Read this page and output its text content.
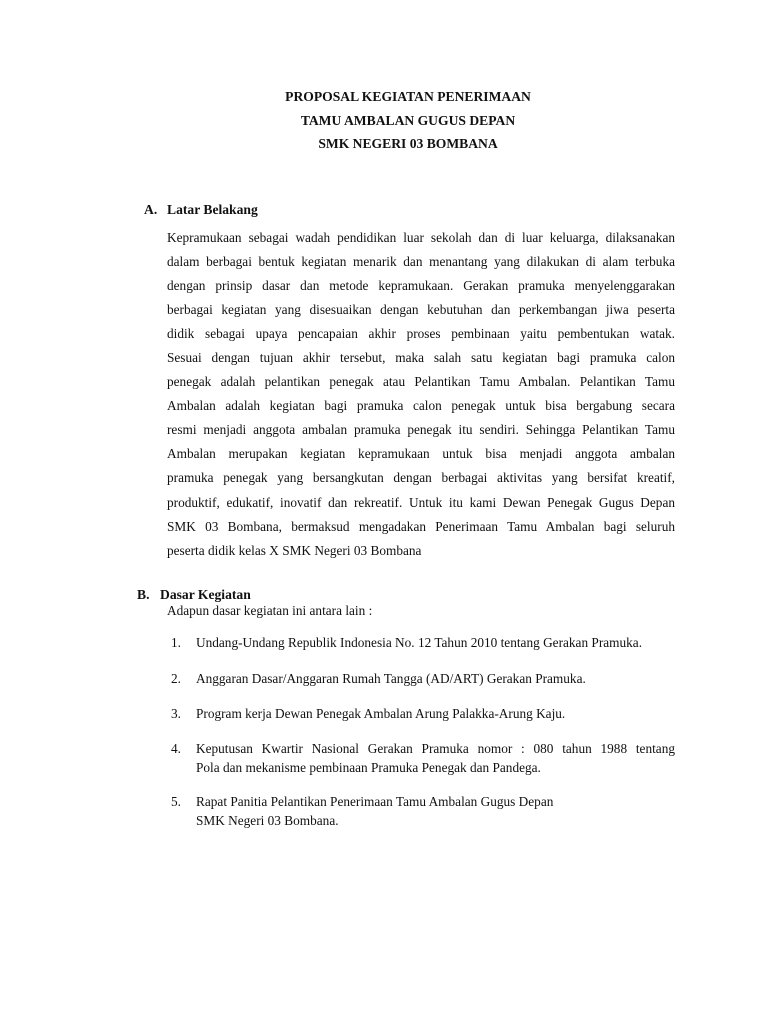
PROPOSAL KEGIATAN PENERIMAAN
TAMU AMBALAN GUGUS DEPAN
SMK NEGERI 03 BOMBANA
A. Latar Belakang
Kepramukaan sebagai wadah pendidikan luar sekolah dan di luar keluarga, dilaksanakan
dalam berbagai bentuk kegiatan menarik dan menantang yang dilakukan di alam terbuka
dengan prinsip dasar dan metode kepramukaan. Gerakan pramuka menyelenggarakan
berbagai kegiatan yang disesuaikan dengan kebutuhan dan perkembangan jiwa peserta
didik sebagai upaya pencapaian akhir proses pembinaan yaitu pembentukan watak.
Sesuai dengan tujuan akhir tersebut, maka salah satu kegiatan bagi pramuka calon
penegak adalah pelantikan penegak atau Pelantikan Tamu Ambalan. Pelantikan Tamu
Ambalan adalah kegiatan bagi pramuka calon penegak untuk bisa bergabung secara
resmi menjadi anggota ambalan pramuka penegak itu sendiri. Sehingga Pelantikan Tamu
Ambalan merupakan kegiatan kepramukaan untuk bisa menjadi anggota ambalan
pramuka penegak yang bersangkutan dengan berbagai aktivitas yang bersifat kreatif,
produktif, edukatif, inovatif dan rekreatif. Untuk itu kami Dewan Penegak Gugus Depan
SMK 03 Bombana, bermaksud mengadakan Penerimaan Tamu Ambalan bagi seluruh
peserta didik kelas X SMK Negeri 03 Bombana
B. Dasar Kegiatan
Adapun dasar kegiatan ini antara lain :
1. Undang-Undang Republik Indonesia No. 12 Tahun 2010 tentang Gerakan Pramuka.
2. Anggaran Dasar/Anggaran Rumah Tangga (AD/ART) Gerakan Pramuka.
3. Program kerja Dewan Penegak Ambalan Arung Palakka-Arung Kaju.
4. Keputusan Kwartir Nasional Gerakan Pramuka nomor : 080 tahun 1988 tentang
Pola dan mekanisme pembinaan Pramuka Penegak dan Pandega.
5. Rapat Panitia Pelantikan Penerimaan Tamu Ambalan Gugus Depan
SMK Negeri 03 Bombana.
